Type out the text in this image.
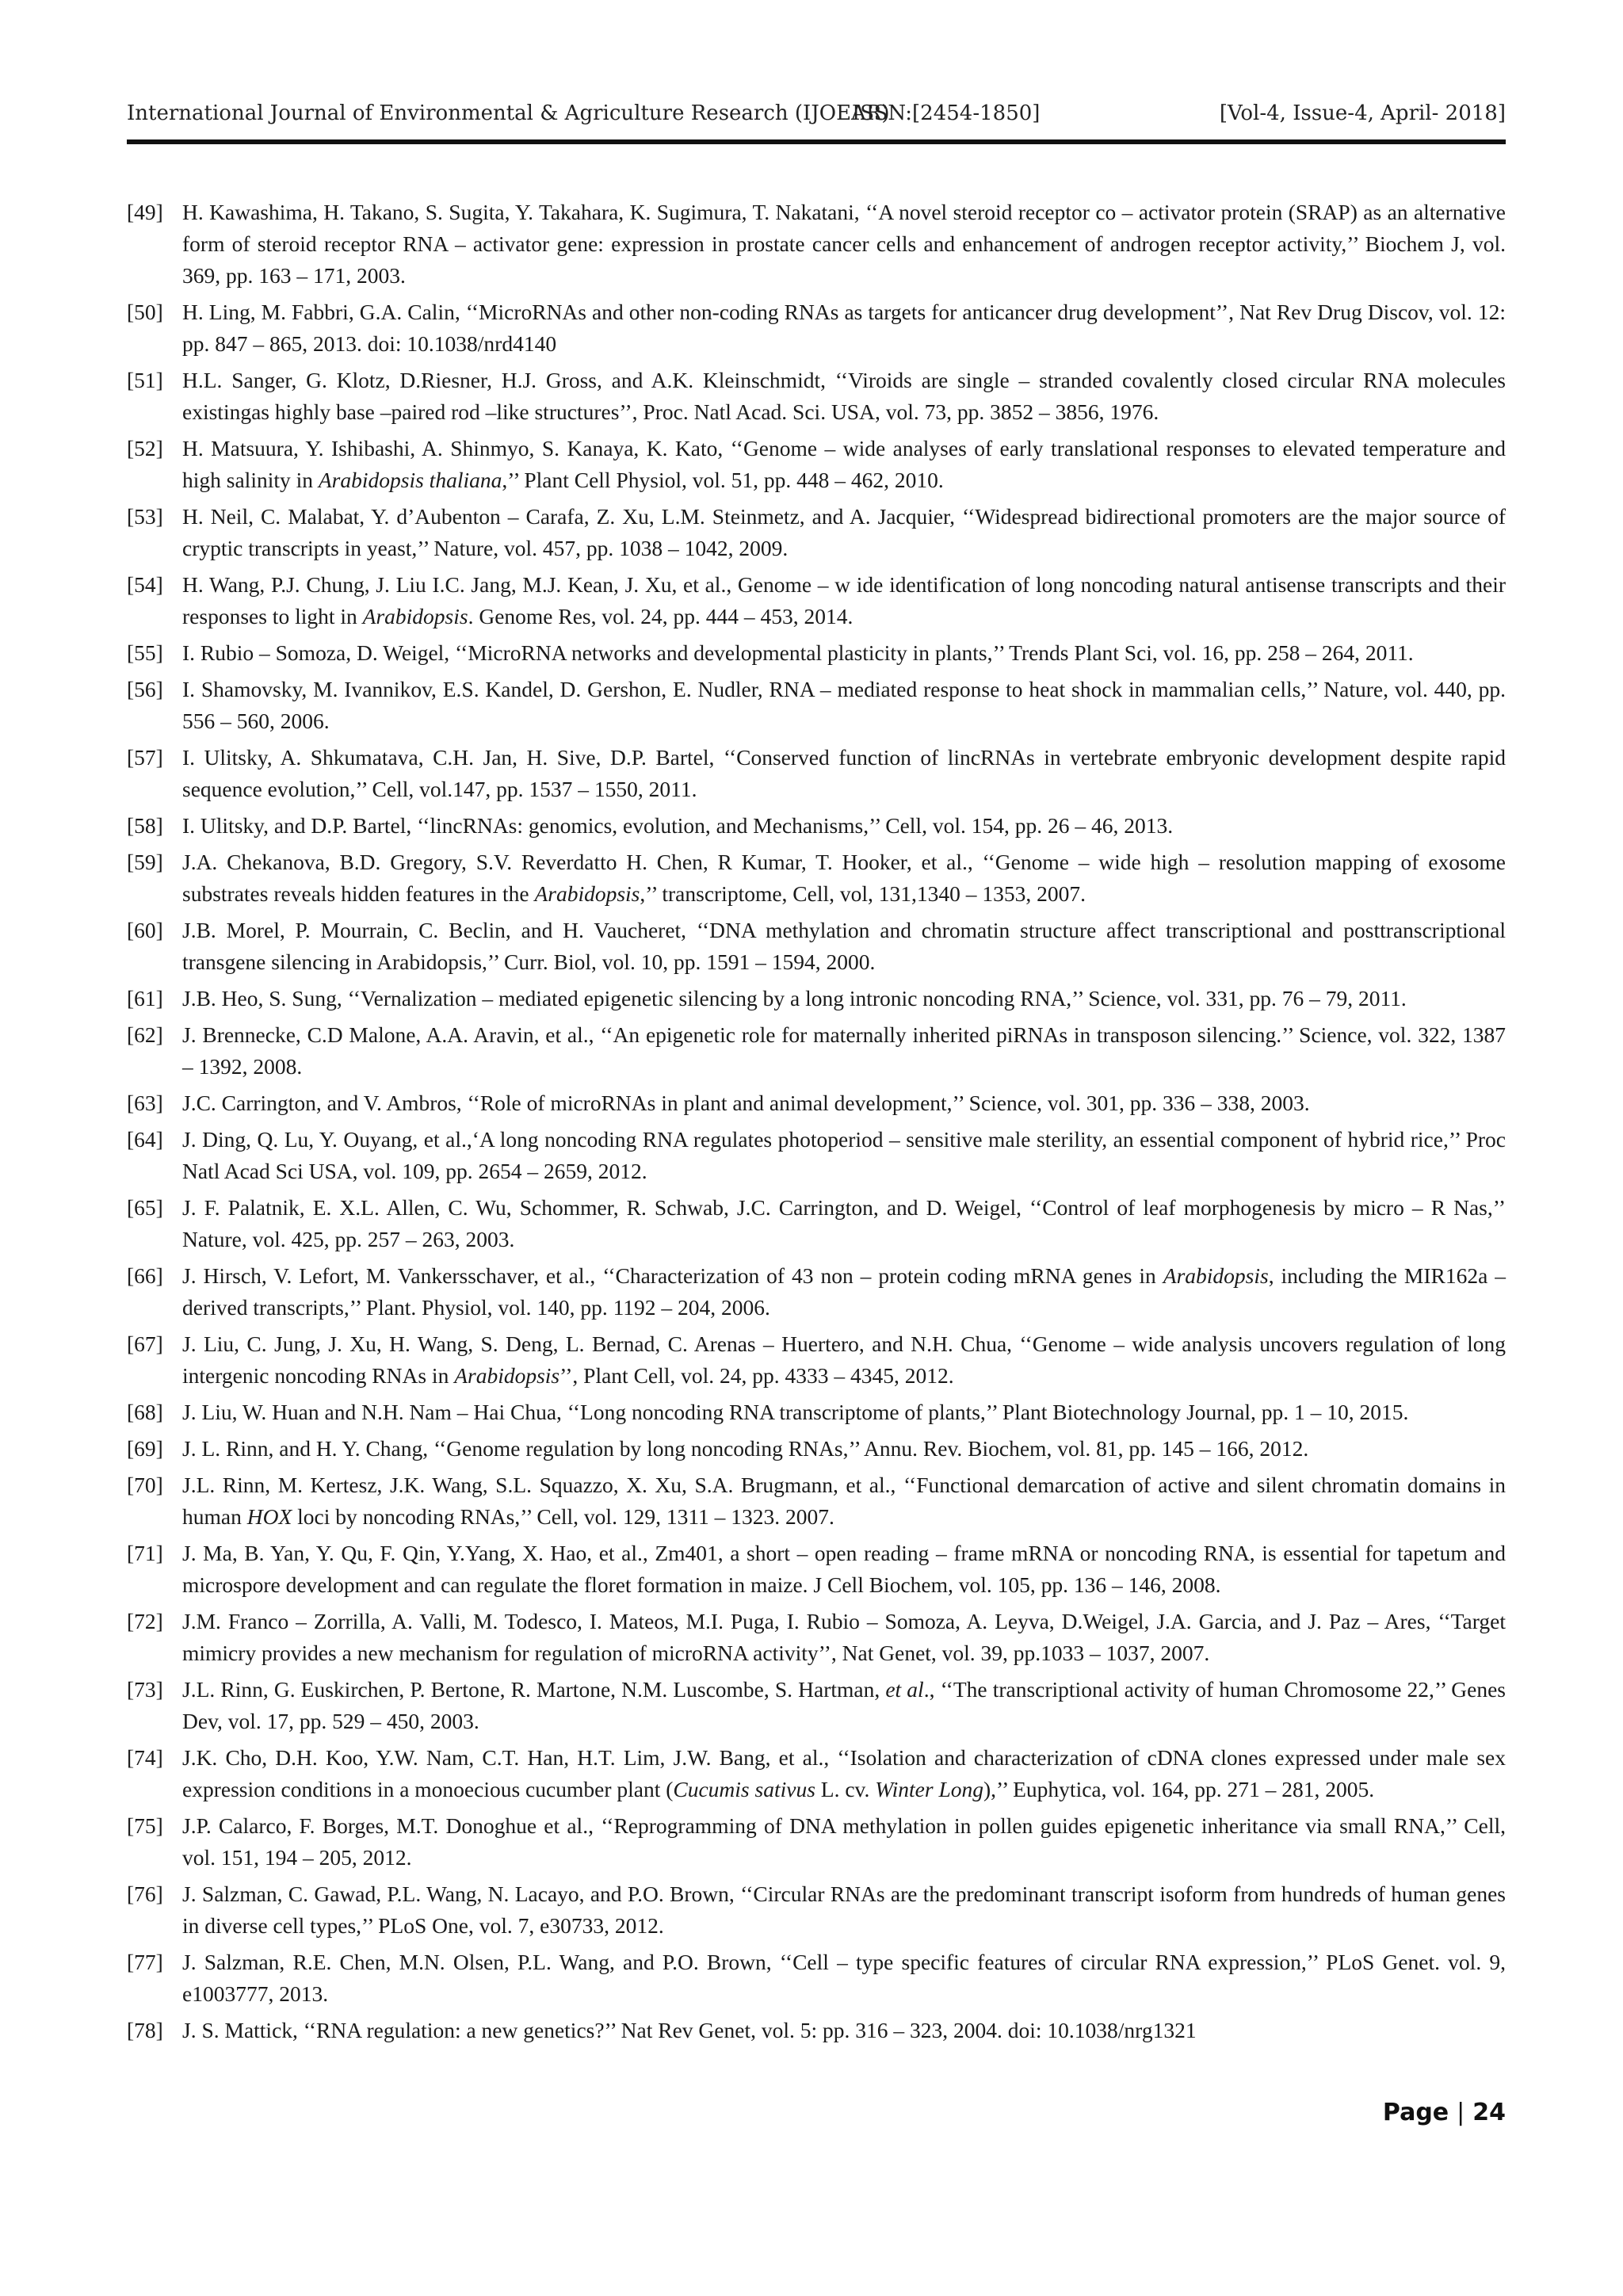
International Journal of Environmental & Agriculture Research (IJOEAR)
ISSN:[2454-1850]	[Vol-4, Issue-4, April- 2018]
[49] H. Kawashima, H. Takano, S. Sugita, Y. Takahara, K. Sugimura, T. Nakatani, ‘‘A novel steroid receptor co – activator protein (SRAP) as an alternative form of steroid receptor RNA – activator gene: expression in prostate cancer cells and enhancement of androgen receptor activity,’’ Biochem J, vol. 369, pp. 163 – 171, 2003.
[50] H. Ling, M. Fabbri, G.A. Calin, ‘‘MicroRNAs and other non-coding RNAs as targets for anticancer drug development’’, Nat Rev Drug Discov, vol. 12: pp. 847 – 865, 2013. doi: 10.1038/nrd4140
[51] H.L. Sanger, G. Klotz, D.Riesner, H.J. Gross, and A.K. Kleinschmidt, ‘‘Viroids are single – stranded covalently closed circular RNA molecules existingas highly base –paired rod –like structures’’, Proc. Natl Acad. Sci. USA, vol. 73, pp. 3852 – 3856, 1976.
[52] H. Matsuura, Y. Ishibashi, A. Shinmyo, S. Kanaya, K. Kato, ‘‘Genome – wide analyses of early translational responses to elevated temperature and high salinity in Arabidopsis thaliana,’’ Plant Cell Physiol, vol. 51, pp. 448 – 462, 2010.
[53] H. Neil, C. Malabat, Y. d’Aubenton – Carafa, Z. Xu, L.M. Steinmetz, and A. Jacquier, ‘‘Widespread bidirectional promoters are the major source of cryptic transcripts in yeast,’’ Nature, vol. 457, pp. 1038 – 1042, 2009.
[54] H. Wang, P.J. Chung, J. Liu I.C. Jang, M.J. Kean, J. Xu, et al., Genome – w ide identification of long noncoding natural antisense transcripts and their responses to light in Arabidopsis. Genome Res, vol. 24, pp. 444 – 453, 2014.
[55] I. Rubio – Somoza, D. Weigel, ‘‘MicroRNA networks and developmental plasticity in plants,’’ Trends Plant Sci, vol. 16, pp. 258 – 264, 2011.
[56] I. Shamovsky, M. Ivannikov, E.S. Kandel, D. Gershon, E. Nudler, RNA – mediated response to heat shock in mammalian cells,’’ Nature, vol. 440, pp. 556 – 560, 2006.
[57] I. Ulitsky, A. Shkumatava, C.H. Jan, H. Sive, D.P. Bartel, ‘‘Conserved function of lincRNAs in vertebrate embryonic development despite rapid sequence evolution,’’ Cell, vol.147, pp. 1537 – 1550, 2011.
[58] I. Ulitsky, and D.P. Bartel, ‘‘lincRNAs: genomics, evolution, and Mechanisms,’’ Cell, vol. 154, pp. 26 – 46, 2013.
[59] J.A. Chekanova, B.D. Gregory, S.V. Reverdatto H. Chen, R Kumar, T. Hooker, et al., ‘‘Genome – wide high – resolution mapping of exosome substrates reveals hidden features in the Arabidopsis,’’ transcriptome, Cell, vol, 131,1340 – 1353, 2007.
[60] J.B. Morel, P. Mourrain, C. Beclin, and H. Vaucheret, ‘‘DNA methylation and chromatin structure affect transcriptional and posttranscriptional transgene silencing in Arabidopsis,’’ Curr. Biol, vol. 10, pp. 1591 – 1594, 2000.
[61] J.B. Heo, S. Sung, ‘‘Vernalization – mediated epigenetic silencing by a long intronic noncoding RNA,’’ Science, vol. 331, pp. 76 – 79, 2011.
[62] J. Brennecke, C.D Malone, A.A. Aravin, et al., ‘‘An epigenetic role for maternally inherited piRNAs in transposon silencing.’’ Science, vol. 322, 1387 – 1392, 2008.
[63] J.C. Carrington, and V. Ambros, ‘‘Role of microRNAs in plant and animal development,’’ Science, vol. 301, pp. 336 – 338, 2003.
[64] J. Ding, Q. Lu, Y. Ouyang, et al.,‘A long noncoding RNA regulates photoperiod – sensitive male sterility, an essential component of hybrid rice,’’ Proc Natl Acad Sci USA, vol. 109, pp. 2654 – 2659, 2012.
[65] J. F. Palatnik, E. X.L. Allen, C. Wu, Schommer, R. Schwab, J.C. Carrington, and D. Weigel, ‘‘Control of leaf morphogenesis by micro – R Nas,’’ Nature, vol. 425, pp. 257 – 263, 2003.
[66] J. Hirsch, V. Lefort, M. Vankersschaver, et al., ‘‘Characterization of 43 non – protein coding mRNA genes in Arabidopsis, including the MIR162a – derived transcripts,’’ Plant. Physiol, vol. 140, pp. 1192 – 204, 2006.
[67] J. Liu, C. Jung, J. Xu, H. Wang, S. Deng, L. Bernad, C. Arenas – Huertero, and N.H. Chua, ‘‘Genome – wide analysis uncovers regulation of long intergenic noncoding RNAs in Arabidopsis’’, Plant Cell, vol. 24, pp. 4333 – 4345, 2012.
[68] J. Liu, W. Huan and N.H. Nam – Hai Chua, ‘‘Long noncoding RNA transcriptome of plants,’’ Plant Biotechnology Journal, pp. 1 – 10, 2015.
[69] J. L. Rinn, and H. Y. Chang, ‘‘Genome regulation by long noncoding RNAs,’’ Annu. Rev. Biochem, vol. 81, pp. 145 – 166, 2012.
[70] J.L. Rinn, M. Kertesz, J.K. Wang, S.L. Squazzo, X. Xu, S.A. Brugmann, et al., ‘‘Functional demarcation of active and silent chromatin domains in human HOX loci by noncoding RNAs,’’ Cell, vol. 129, 1311 – 1323. 2007.
[71] J. Ma, B. Yan, Y. Qu, F. Qin, Y.Yang, X. Hao, et al., Zm401, a short – open reading – frame mRNA or noncoding RNA, is essential for tapetum and microspore development and can regulate the floret formation in maize. J Cell Biochem, vol. 105, pp. 136 – 146, 2008.
[72] J.M. Franco – Zorrilla, A. Valli, M. Todesco, I. Mateos, M.I. Puga, I. Rubio – Somoza, A. Leyva, D.Weigel, J.A. Garcia, and J. Paz – Ares, ‘‘Target mimicry provides a new mechanism for regulation of microRNA activity’’, Nat Genet, vol. 39, pp.1033 – 1037, 2007.
[73] J.L. Rinn, G. Euskirchen, P. Bertone, R. Martone, N.M. Luscombe, S. Hartman, et al., ‘‘The transcriptional activity of human Chromosome 22,’’ Genes Dev, vol. 17, pp. 529 – 450, 2003.
[74] J.K. Cho, D.H. Koo, Y.W. Nam, C.T. Han, H.T. Lim, J.W. Bang, et al., ‘‘Isolation and characterization of cDNA clones expressed under male sex expression conditions in a monoecious cucumber plant (Cucumis sativus L. cv. Winter Long),’’ Euphytica, vol. 164, pp. 271 – 281, 2005.
[75] J.P. Calarco, F. Borges, M.T. Donoghue et al., ‘‘Reprogramming of DNA methylation in pollen guides epigenetic inheritance via small RNA,’’ Cell, vol. 151, 194 – 205, 2012.
[76] J. Salzman, C. Gawad, P.L. Wang, N. Lacayo, and P.O. Brown, ‘‘Circular RNAs are the predominant transcript isoform from hundreds of human genes in diverse cell types,’’ PLoS One, vol. 7, e30733, 2012.
[77] J. Salzman, R.E. Chen, M.N. Olsen, P.L. Wang, and P.O. Brown, ‘‘Cell – type specific features of circular RNA expression,’’ PLoS Genet. vol. 9, e1003777, 2013.
[78] J. S. Mattick, ‘‘RNA regulation: a new genetics?’’ Nat Rev Genet, vol. 5: pp. 316 – 323, 2004. doi: 10.1038/nrg1321
Page | 24
